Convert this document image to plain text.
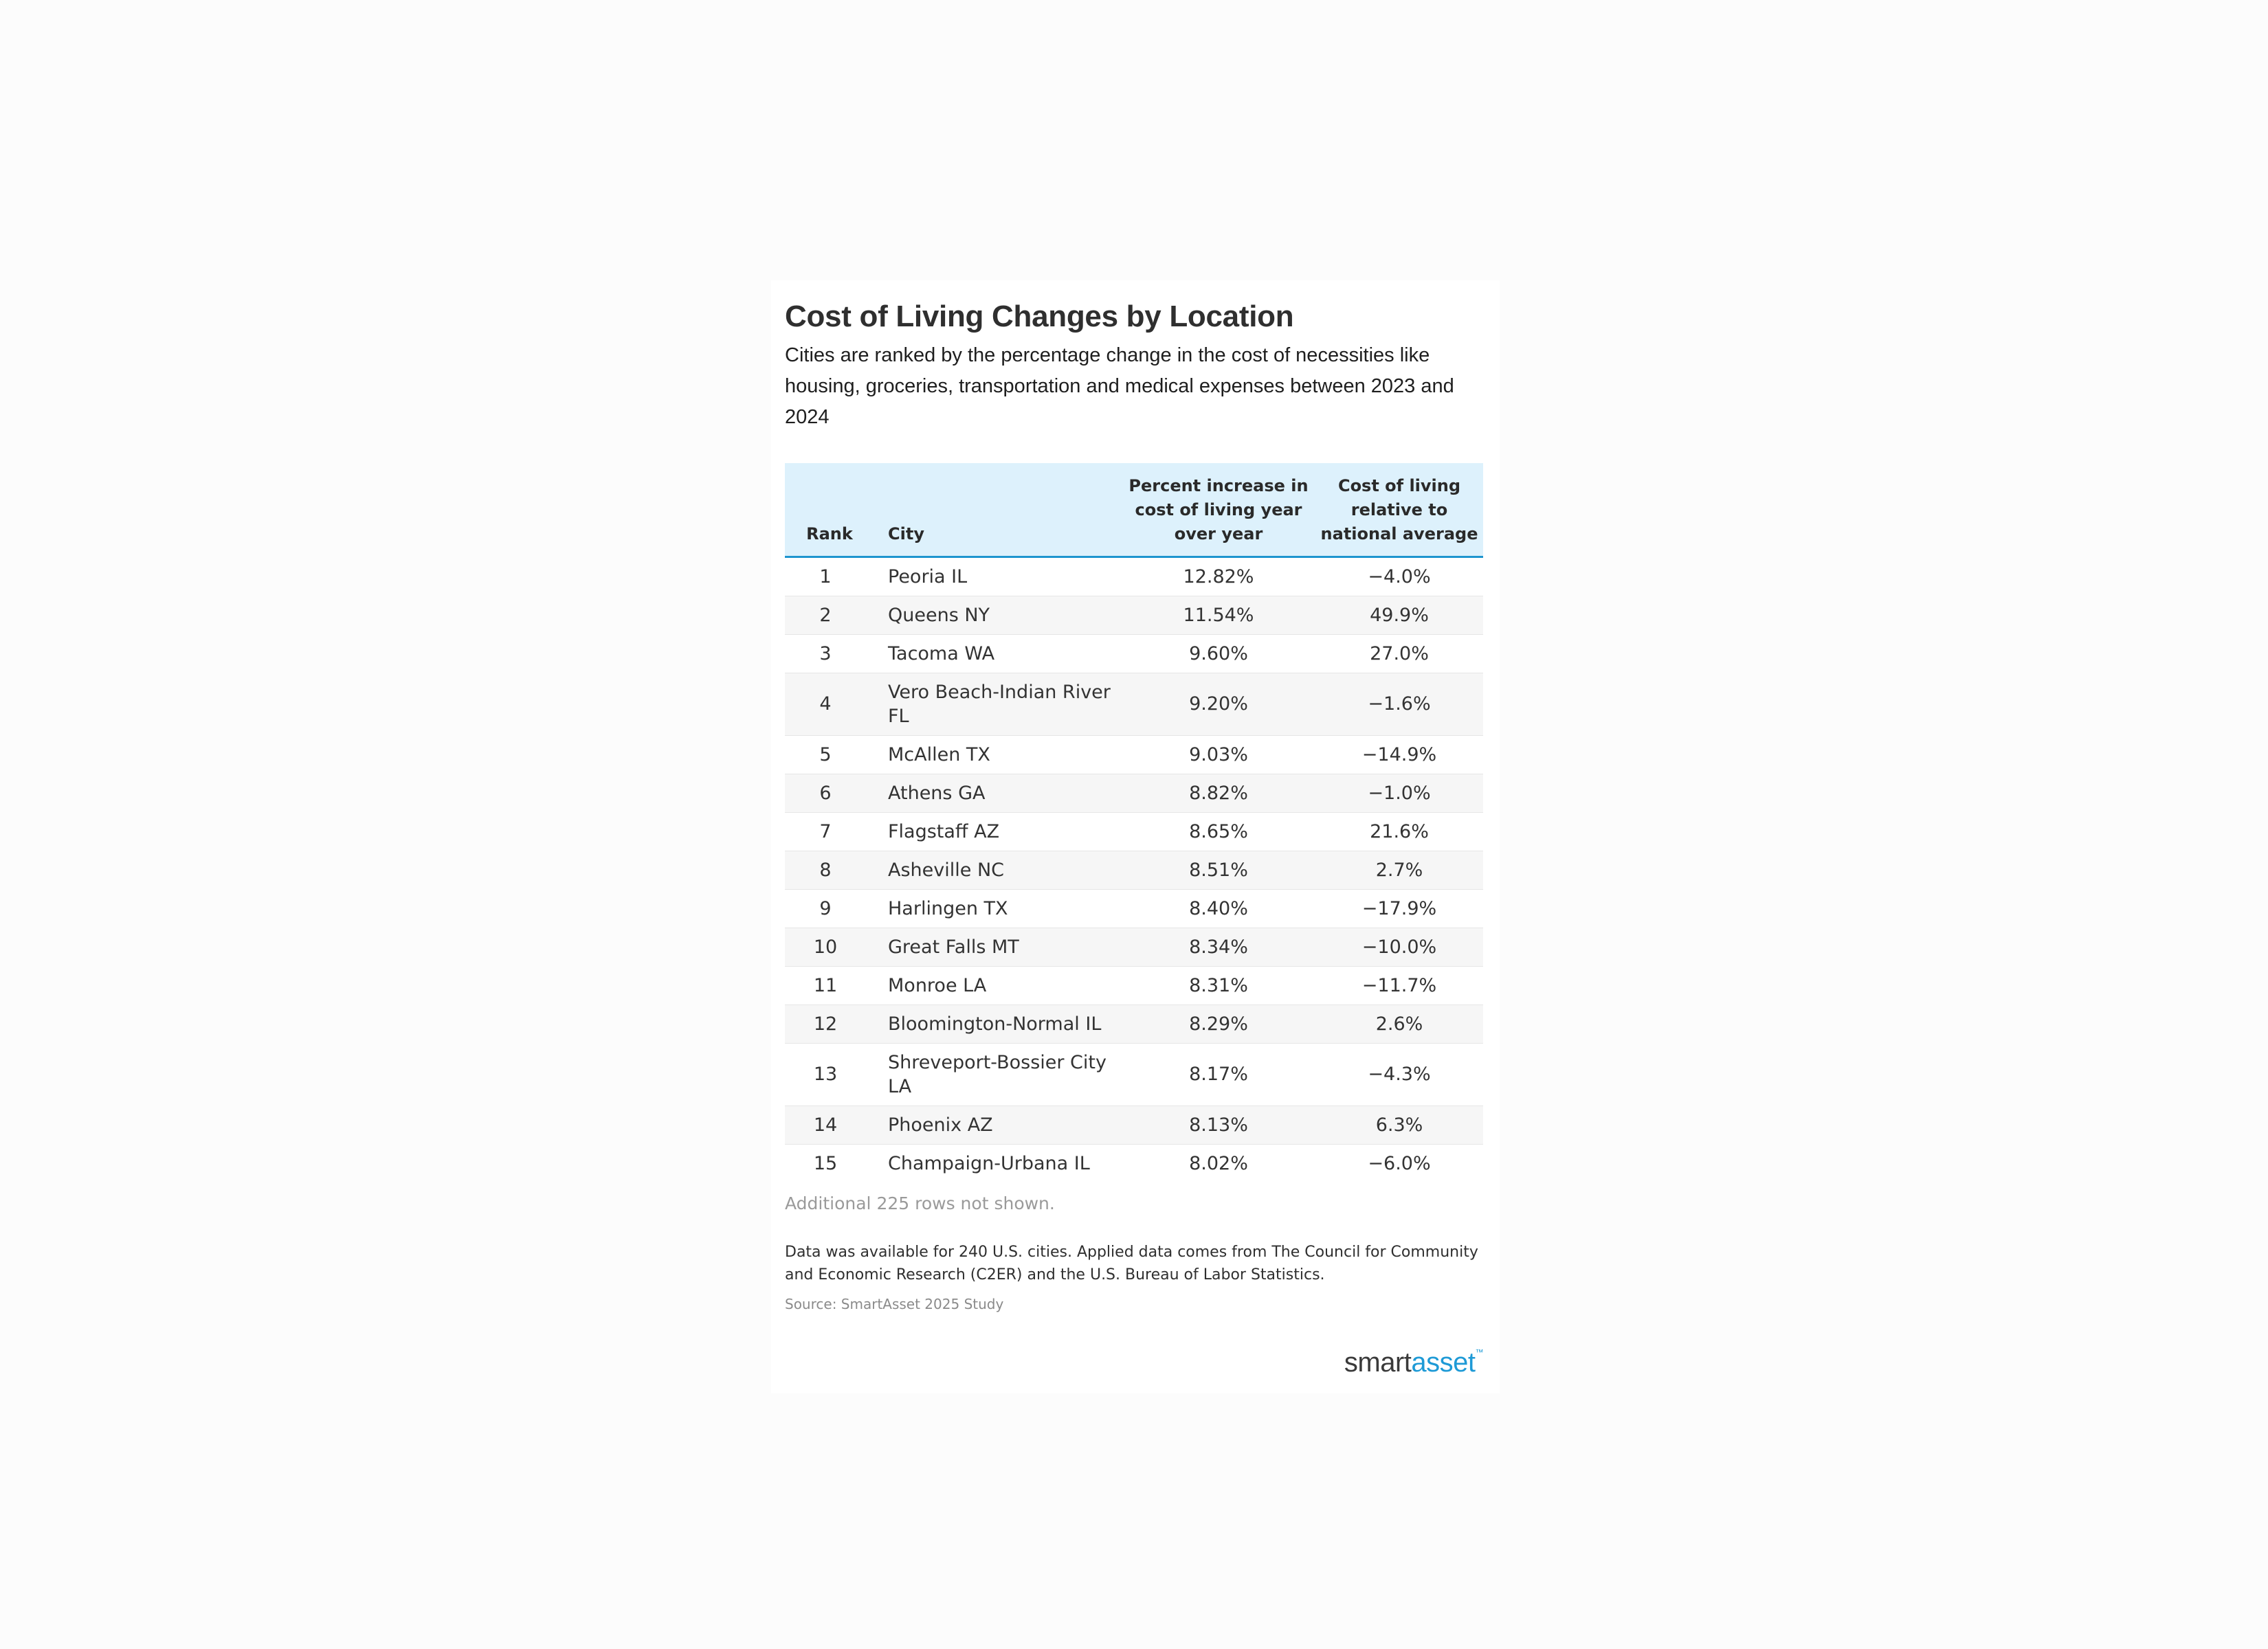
Cost of Living Changes by Location
Cities are ranked by the percentage change in the cost of necessities like housing, groceries, transportation and medical expenses between 2023 and 2024
Rank	City	Percent increase in cost of living year over year	Cost of living relative to national average
1	Peoria IL	12.82%	−4.0%
2	Queens NY	11.54%	49.9%
3	Tacoma WA	9.60%	27.0%
4	Vero Beach-Indian River FL	9.20%	−1.6%
5	McAllen TX	9.03%	−14.9%
6	Athens GA	8.82%	−1.0%
7	Flagstaff AZ	8.65%	21.6%
8	Asheville NC	8.51%	2.7%
9	Harlingen TX	8.40%	−17.9%
10	Great Falls MT	8.34%	−10.0%
11	Monroe LA	8.31%	−11.7%
12	Bloomington-Normal IL	8.29%	2.6%
13	Shreveport-Bossier City LA	8.17%	−4.3%
14	Phoenix AZ	8.13%	6.3%
15	Champaign-Urbana IL	8.02%	−6.0%
Additional 225 rows not shown.
Data was available for 240 U.S. cities. Applied data comes from The Council for Community and Economic Research (C2ER) and the U.S. Bureau of Labor Statistics.
Source: SmartAsset 2025 Study
smartasset™
